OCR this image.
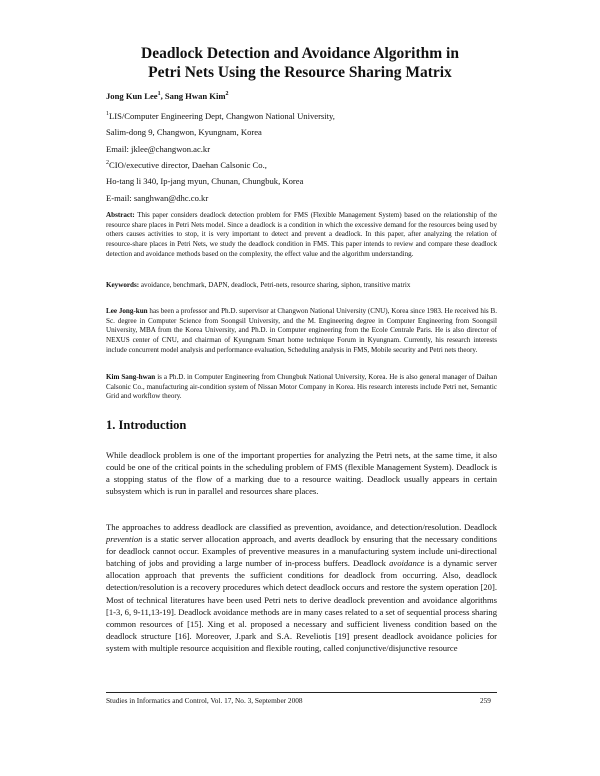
Deadlock Detection and Avoidance Algorithm in
Petri Nets Using the Resource Sharing Matrix
Jong Kun Lee$^1$, Sang Hwan Kim$^2$
$^1$LIS/Computer Engineering Dept, Changwon National University,
Salim-dong 9, Changwon, Kyungnam, Korea
Email: jklee@changwon.ac.kr
$^2$CIO/executive director, Daehan Calsonic Co.,
Ho-tang li 340, Ip-jang myun, Chunan, Chungbuk, Korea
E-mail: sanghwan@dhc.co.kr

Abstract: This paper considers deadlock detection problem for FMS (Flexible Management System) based on the relationship of the resource share places in Petri Nets model. Since a deadlock is a condition in which the excessive demand for the resources being used by others causes activities to stop, it is very important to detect and prevent a deadlock. In this paper, after analyzing the relation of resource-share places in Petri Nets, we study the deadlock condition in FMS. This paper intends to review and compare these deadlock detection and avoidance methods based on the complexity, the effect value and the algorithm understanding.

Keywords: avoidance, benchmark, DAPN, deadlock, Petri-nets, resource sharing, siphon, transitive matrix

Lee Jong-kun has been a professor and Ph.D. supervisor at Changwon National University (CNU), Korea since 1983. He received his B. Sc. degree in Computer Science from Soongsil University, and the M. Engineering degree in Computer Engineering from Soongsil University, MBA from the Korea University, and Ph.D. in Computer engineering from the Ecole Centrale Paris. He is also director of NEXUS center of CNU, and chairman of Kyungnam Smart home technique Forum in Kyungnam. Currently, his research interests include concurrent model analysis and performance evaluation, Scheduling analysis in FMS, Mobile security and Petri nets theory.

Kim Sang-hwan is a Ph.D. in Computer Engineering from Chungbuk National University, Korea. He is also general manager of Daihan Calsonic Co., manufacturing air-condition system of Nissan Motor Company in Korea. His research interests include Petri net, Semantic Grid and workflow theory.

1. Introduction

While deadlock problem is one of the important properties for analyzing the Petri nets, at the same time, it also could be one of the critical points in the scheduling problem of FMS (flexible Management System). Deadlock is a stopping status of the flow of a marking due to a resource waiting. Deadlock usually appears in certain subsystem which is run in parallel and resources share places.

The approaches to address deadlock are classified as prevention, avoidance, and detection/resolution. Deadlock prevention is a static server allocation approach, and averts deadlock by ensuring that the necessary conditions for deadlock cannot occur. Examples of preventive measures in a manufacturing system include uni-directional batching of jobs and providing a large number of in-process buffers. Deadlock avoidance is a dynamic server allocation approach that prevents the sufficient conditions for deadlock from occurring. Also, deadlock detection/resolution is a recovery procedures which detect deadlock occurs and restore the system operation [20]. Most of technical literatures have been used Petri nets to derive deadlock prevention and avoidance algorithms [1-3, 6, 9-11,13-19]. Deadlock avoidance methods are in many cases related to a set of sequential process sharing common resources of [15]. Xing et al. proposed a necessary and sufficient liveness condition based on the deadlock structure [16]. Moreover, J.park and S.A. Reveliotis [19] present deadlock avoidance policies for system with multiple resource acquisition and flexible routing, called conjunctive/disjunctive resource

Studies in Informatics and Control, Vol. 17, No. 3, September 2008	259
